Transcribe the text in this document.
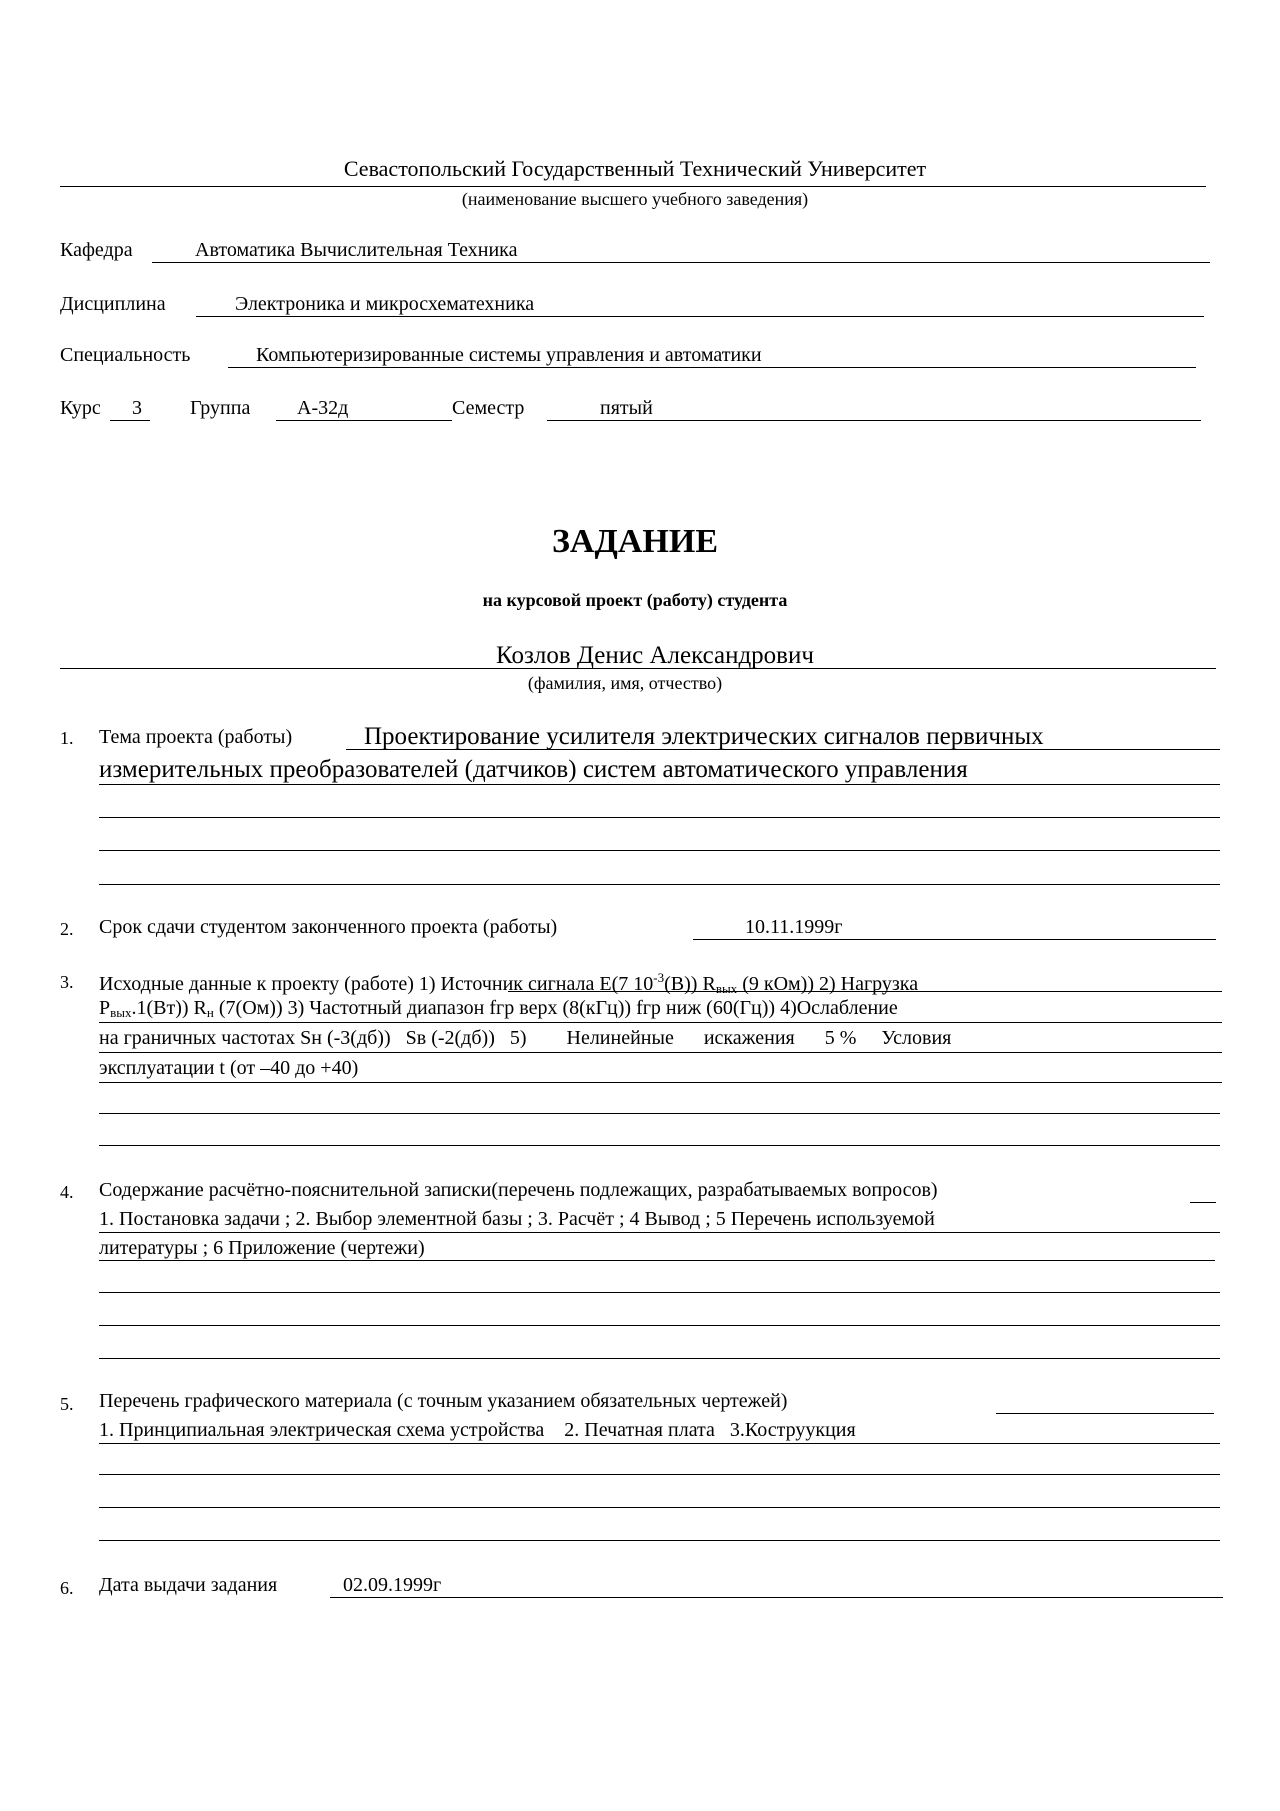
Севастопольский Государственный Технический Университет
(наименование высшего учебного заведения)
Кафедра	Автоматика Вычислительная Техника
Дисциплина	Электроника и микросхематехника
Специальность	Компьютеризированные системы управления и автоматики
Курс 3 Группа А-32д	Семестр	пятый
ЗАДАНИЕ
на курсовой проект (работу) студента
Козлов Денис Александрович
(фамилия, имя, отчество)
1. Тема проекта (работы)	Проектирование усилителя электрических сигналов первичных
измерительных преобразователей (датчиков) систем автоматического управления
2. Срок сдачи студентом законченного проекта (работы)	10.11.1999г
3. Исходные данные к проекту (работе) 1) Источник сигнала Е(7 $10^{-3}(В)$) $R_{вых}$ (9 кОм)) 2) Нагрузка
$P_{вых}.1(Вт)$) $R_н$ (7(Ом)) 3) Частотный диапазон fгр верх (8(кГц)) fгр ниж (60(Гц)) 4)Ослабление
на граничных частотах Sн (-3(дб))   Sв (-2(дб))   5)        Нелинейные      искажения      5 %     Условия
эксплуатации t (от –40 до +40)
4. Содержание расчётно-пояснительной записки(перечень подлежащих, разрабатываемых вопросов)
1. Постановка задачи ; 2. Выбор элементной базы ; 3. Расчёт ; 4 Вывод ; 5 Перечень используемой
литературы ; 6 Приложение (чертежи)
5. Перечень графического материала (с точным указанием обязательных чертежей)
1. Принципиальная электрическая схема устройства    2. Печатная плата   3.Коструукция
6. Дата выдачи задания	02.09.1999г
